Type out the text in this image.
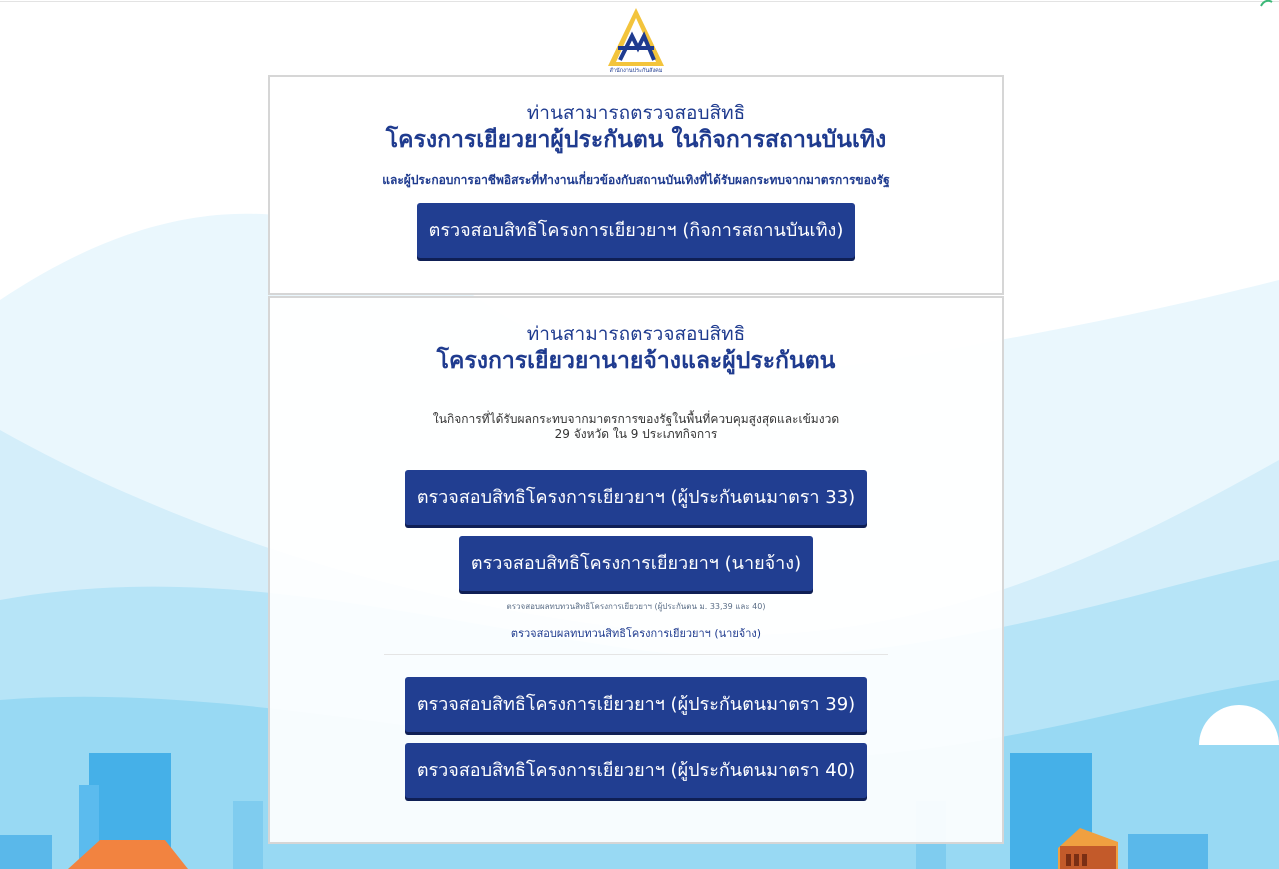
สำนักงานประกันสังคม
ท่านสามารถตรวจสอบสิทธิ
โครงการเยียวยาผู้ประกันตน ในกิจการสถานบันเทิง
และผู้ประกอบการอาชีพอิสระที่ทำงานเกี่ยวข้องกับสถานบันเทิงที่ได้รับผลกระทบจากมาตรการของรัฐ
ตรวจสอบสิทธิโครงการเยียวยาฯ (กิจการสถานบันเทิง)
ท่านสามารถตรวจสอบสิทธิ
โครงการเยียวยานายจ้างและผู้ประกันตน
ในกิจการที่ได้รับผลกระทบจากมาตรการของรัฐในพื้นที่ควบคุมสูงสุดและเข้มงวด
29 จังหวัด ใน 9 ประเภทกิจการ
ตรวจสอบสิทธิโครงการเยียวยาฯ (ผู้ประกันตนมาตรา 33)
ตรวจสอบสิทธิโครงการเยียวยาฯ (นายจ้าง)
ตรวจสอบผลทบทวนสิทธิโครงการเยียวยาฯ (ผู้ประกันตน ม. 33,39 และ 40)
ตรวจสอบผลทบทวนสิทธิโครงการเยียวยาฯ (นายจ้าง)
ตรวจสอบสิทธิโครงการเยียวยาฯ (ผู้ประกันตนมาตรา 39)
ตรวจสอบสิทธิโครงการเยียวยาฯ (ผู้ประกันตนมาตรา 40)
